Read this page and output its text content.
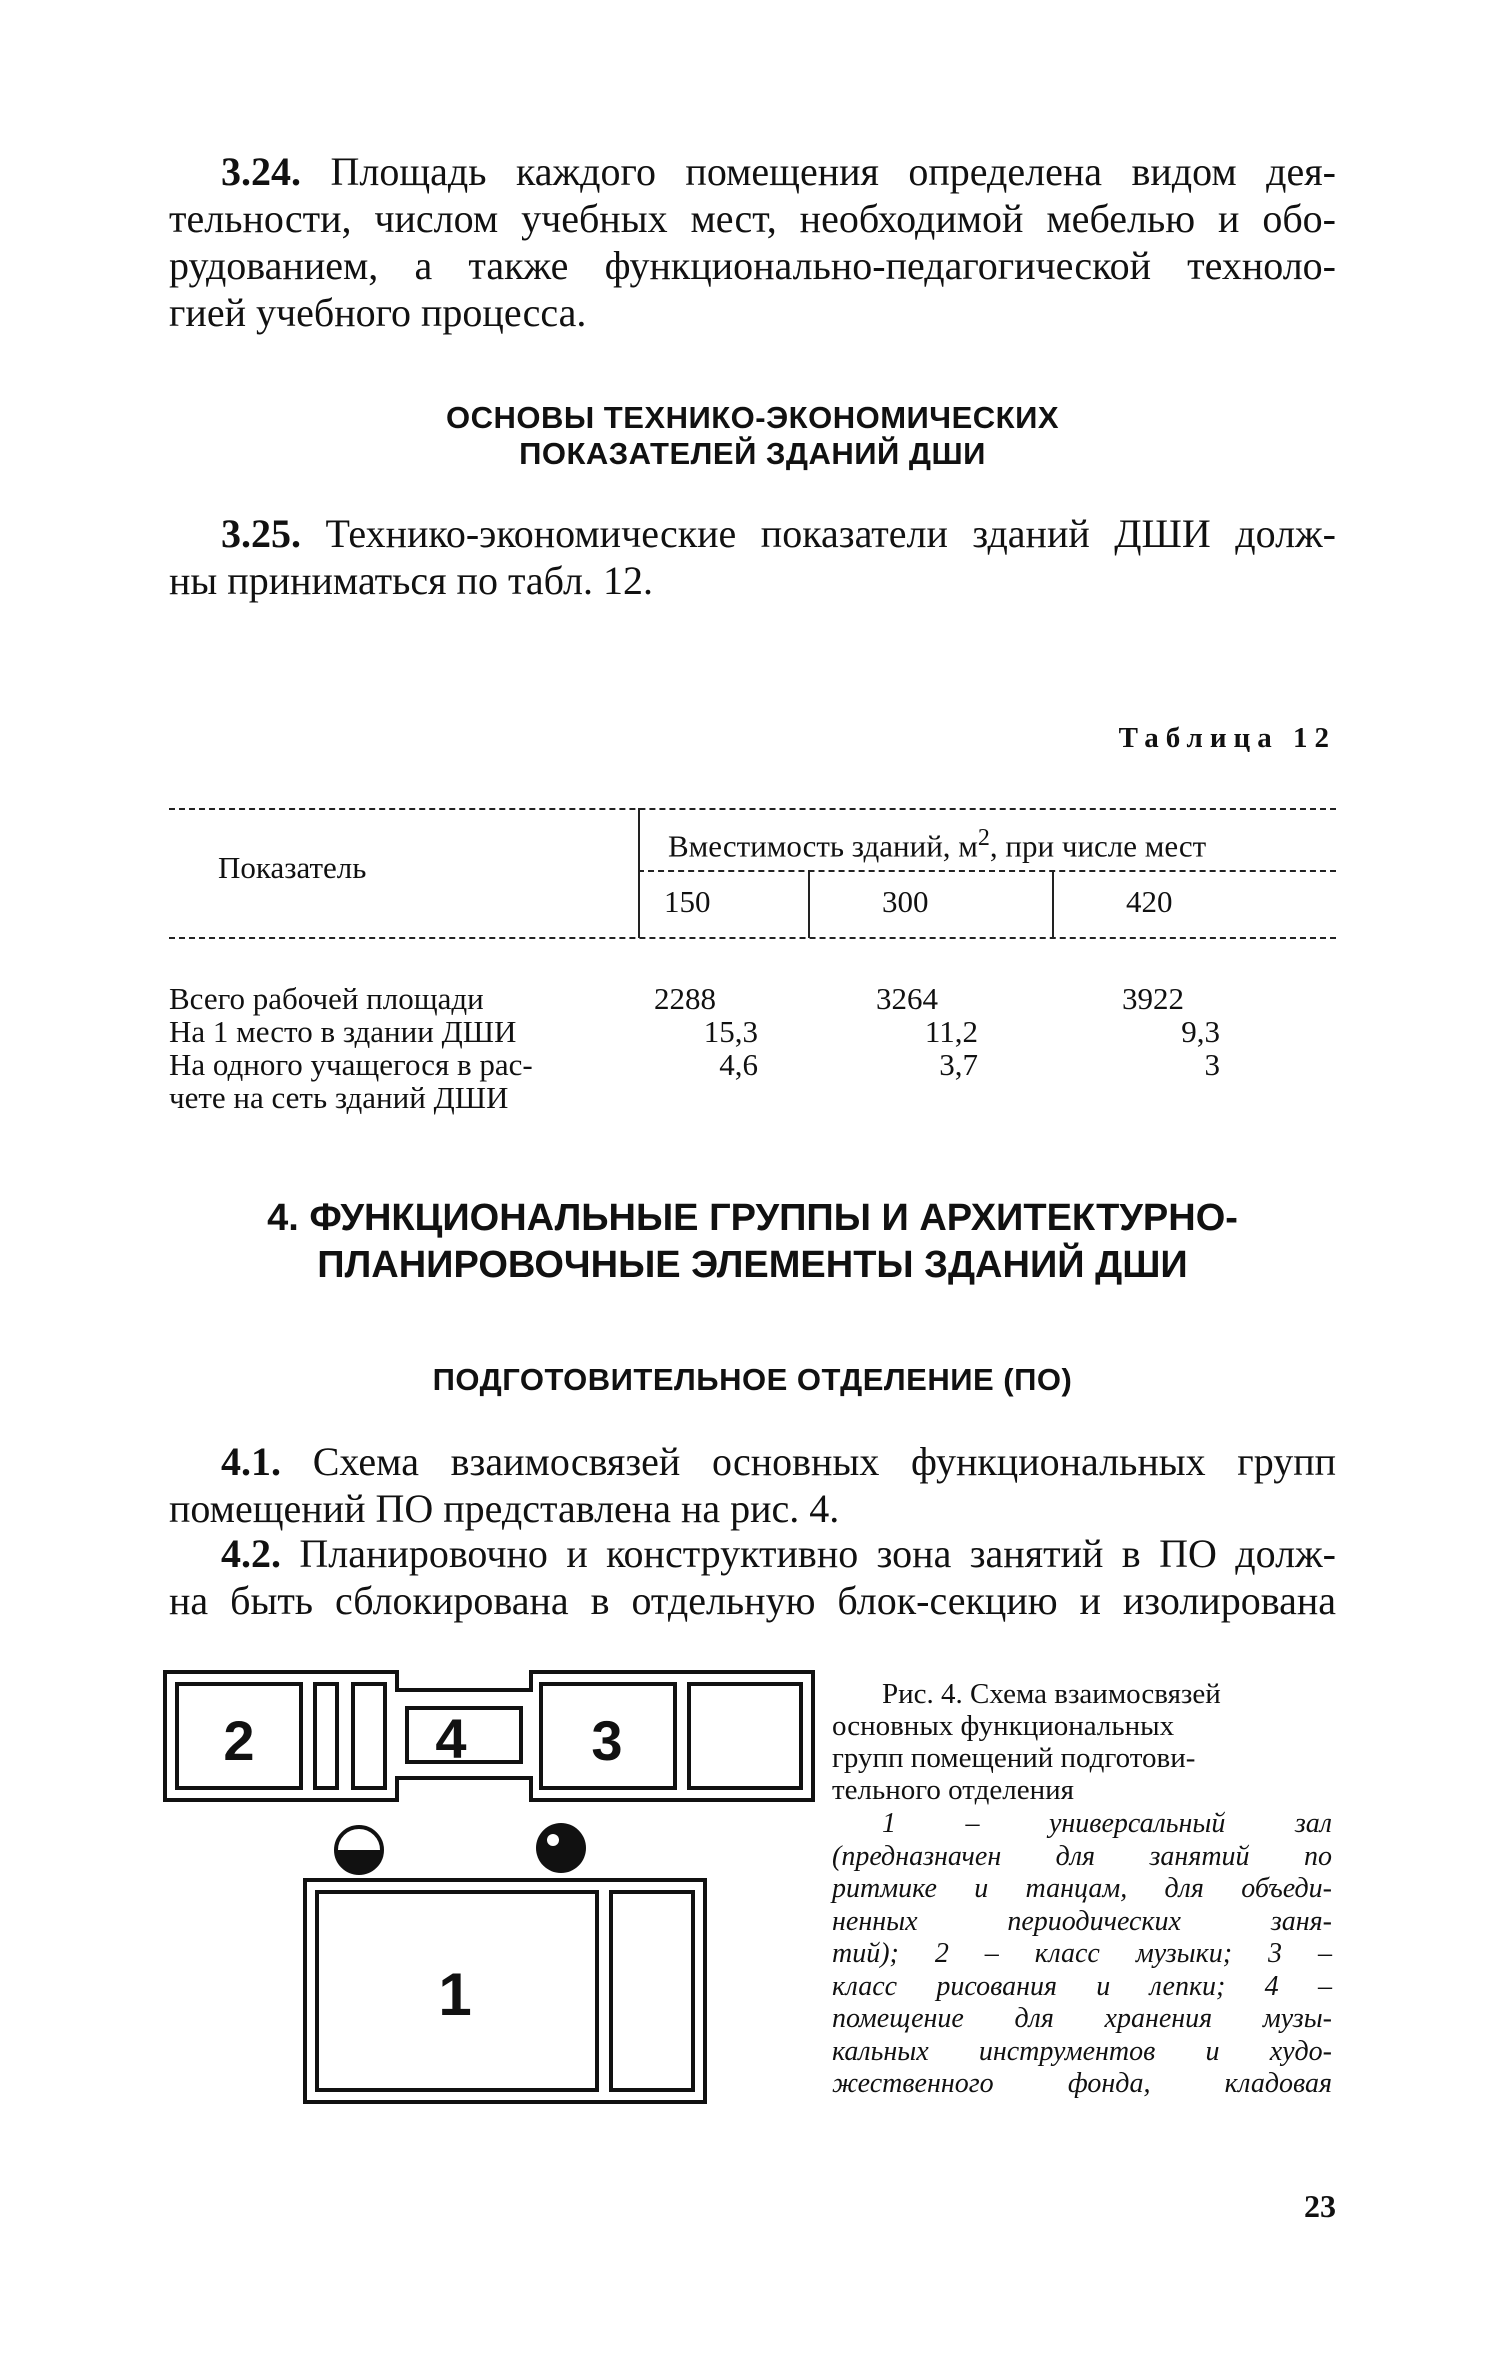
3.24. Площадь каждого помещения определена видом дея-
тельности, числом учебных мест, необходимой мебелью и обо-
рудованием, а также функционально-педагогической техноло-
гией учебного процесса.
ОСНОВЫ ТЕХНИКО-ЭКОНОМИЧЕСКИХ
ПОКАЗАТЕЛЕЙ ЗДАНИЙ ДШИ
3.25. Технико-экономические показатели зданий ДШИ долж-
ны приниматься по табл. 12.
Таблица 12
Показатель
Вместимость зданий, $м^2$, при числе мест
150	300	420
Всего рабочей площади	2288	3264	3922
На 1 место в здании ДШИ	15,3	11,2	9,3
На одного учащегося в рас-
чете на сеть зданий ДШИ
4,6	3,7	3
4. ФУНКЦИОНАЛЬНЫЕ ГРУППЫ И АРХИТЕКТУРНО-
ПЛАНИРОВОЧНЫЕ ЭЛЕМЕНТЫ ЗДАНИЙ ДШИ
ПОДГОТОВИТЕЛЬНОЕ ОТДЕЛЕНИЕ (ПО)
4.1. Схема взаимосвязей основных функциональных групп
помещений ПО представлена на рис. 4.
4.2. Планировочно и конструктивно зона занятий в ПО долж-
на быть сблокирована в отдельную блок-секцию и изолирована
2	4 3
1
Рис. 4. Схема взаимосвязей
основных функциональных
групп помещений подготови-
тельного отделения
1 – универсальный зал
(предназначен для занятий по
ритмике и танцам, для объеди-
ненных периодических заня-
тий); 2 – класс музыки; 3 –
класс рисования и лепки; 4 –
помещение для хранения музы-
кальных инструментов и худо-
жественного фонда, кладовая
23
